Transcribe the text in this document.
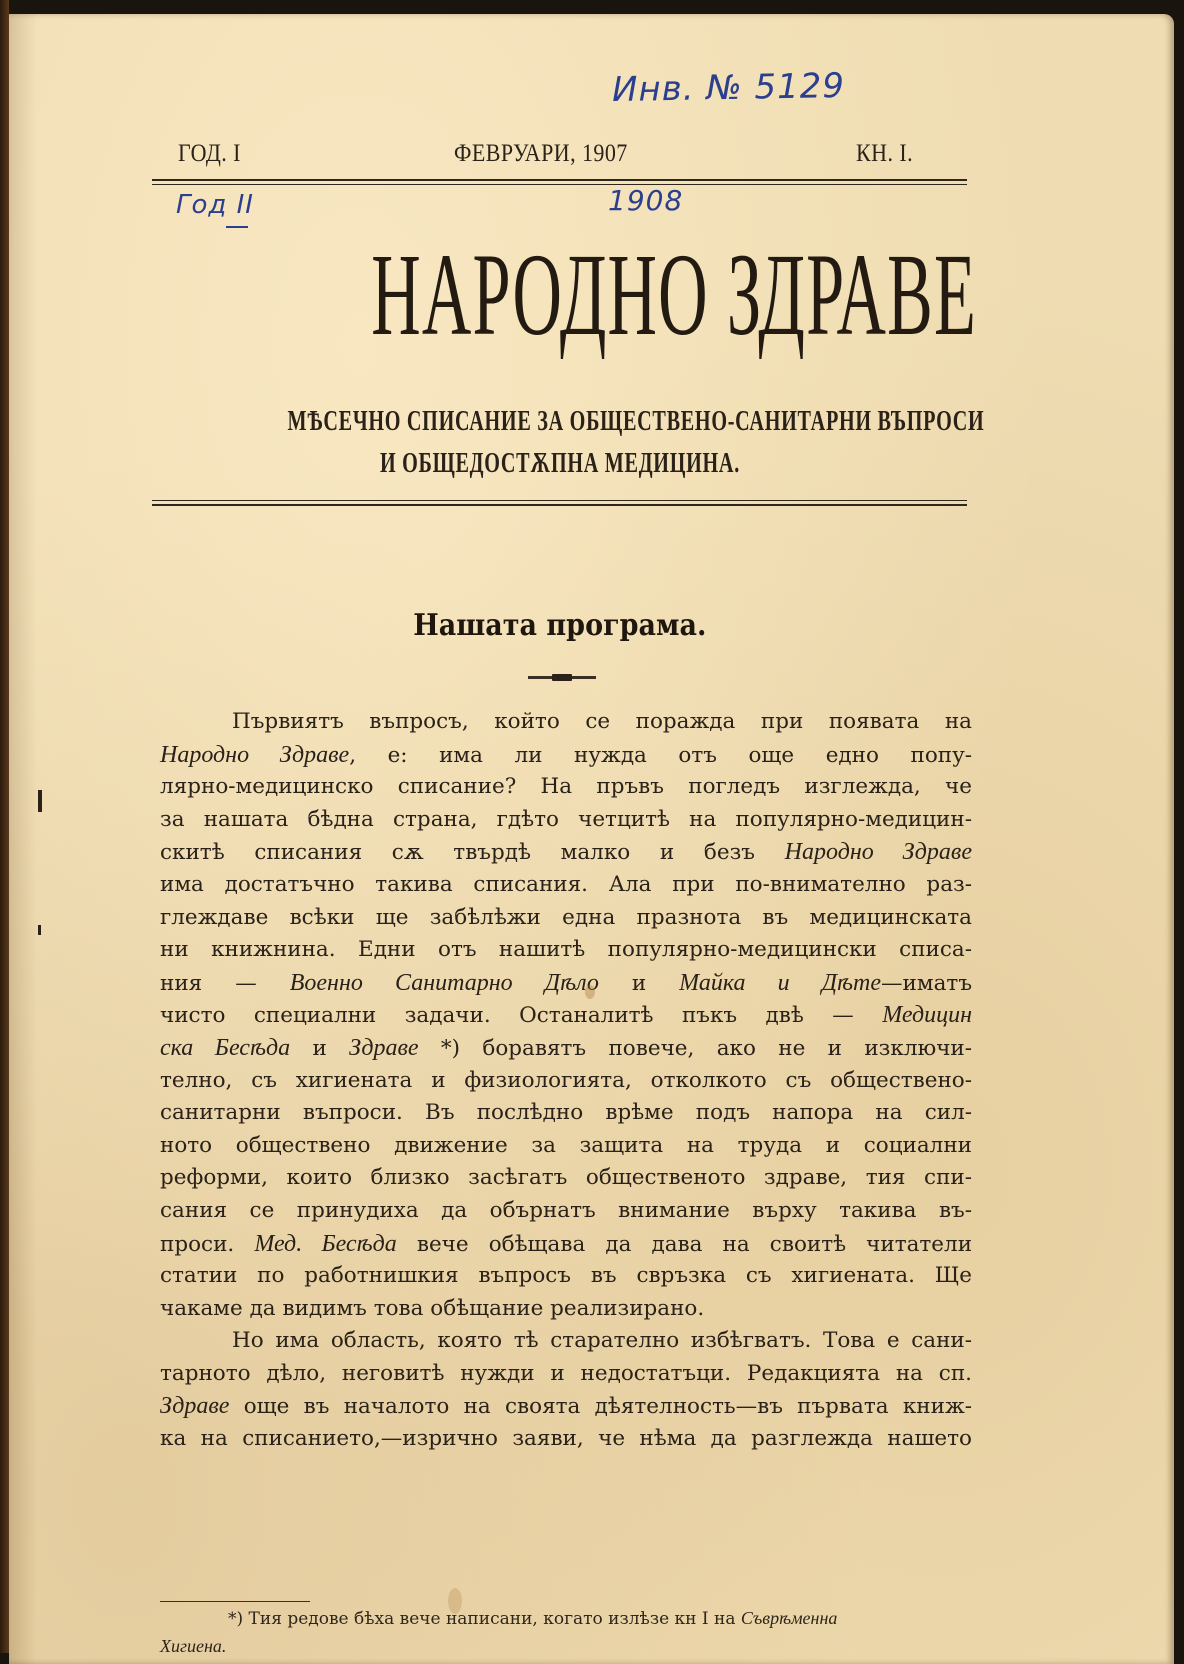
Инв. № 5129
Год II	1908
ГОД. I	ФЕВРУАРИ, 1907	КН. I.
НАРОДНО ЗДРАВЕ
МѢСЕЧНО СПИСАНИЕ ЗА ОБЩЕСТВЕНО-САНИТАРНИ ВЪПРОСИ
И ОБЩЕДОСТѪПНА МЕДИЦИНА.
Нашата програма.
Първиятъ въпросъ, който се поражда при появата на
Народно Здраве, е: има ли нужда отъ още едно попу-
лярно-медицинско списание? На пръвъ погледъ изглежда, че
за нашата бѣдна страна, гдѣто четцитѣ на популярно-медицин-
скитѣ списания сѫ твърдѣ малко и безъ Народно Здраве
има достатъчно такива списания. Ала при по-внимателно раз-
глеждаве всѣки ще забѣлѣжи една празнота въ медицинската
ни книжнина. Едни отъ нашитѣ популярно-медицински списа-
ния — Военно Санитарно Дѣло и Майка и Дѣте—иматъ
чисто специални задачи. Останалитѣ пъкъ двѣ — Медицин
ска Бесѣда и Здраве *) боравятъ повече, ако не и изключи-
телно, съ хигиената и физиологията, отколкото съ обществено-
санитарни въпроси. Въ послѣдно врѣме подъ напора на сил-
ното обществено движение за защита на труда и социални
реформи, които близко засѣгатъ общественото здраве, тия спи-
сания се принудиха да обърнатъ внимание върху такива въ-
проси. Мед. Бесѣда вече обѣщава да дава на своитѣ читатели
статии по работнишкия въпросъ въ свръзка съ хигиената. Ще
чакаме да видимъ това обѣщание реализирано.
Но има область, която тѣ старателно избѣгватъ. Това е сани-
тарното дѣло, неговитѣ нужди и недостатъци. Редакцията на сп.
Здраве още въ началото на своята дѣятелность—въ първата книж-
ка на списанието,—изрично заяви, че нѣма да разглежда нашето
*) Тия редове бѣха вече написани, когато излѣзе кн I на Съврѣменна
Хигиена.
